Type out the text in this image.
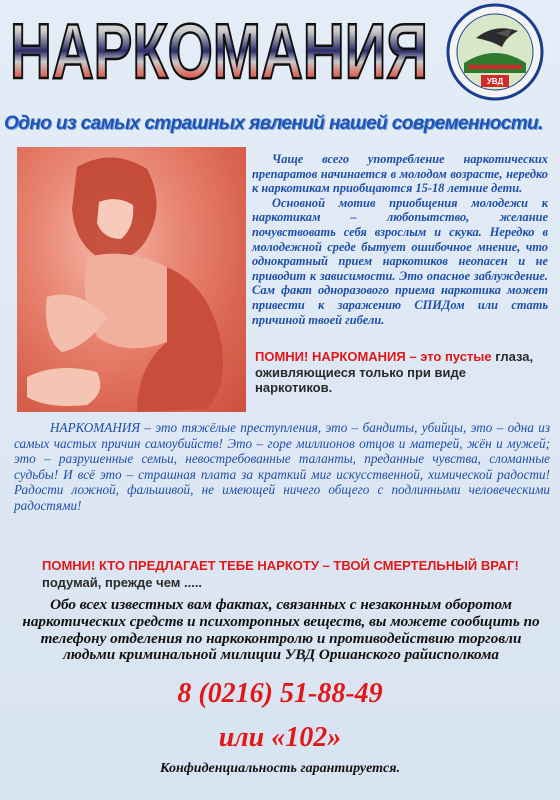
НАРКОМАНИЯ	УВД
Одно из самых страшных явлений нашей современности.

Чаще всего употребление наркотических препаратов начинается в молодом возрасте, нередко к наркотикам приобщаются 15-18 летние дети.

Основной мотив приобщения молодежи к наркотикам – любопытство, желание почувствовать себя взрослым и скука. Нередко в молодежной среде бытует ошибочное мнение, что однократный прием наркотиков неопасен и не приводит к зависимости. Это опасное заблуждение. Сам факт одноразового приема наркотика может привести к заражению СПИДом или стать причиной твоей гибели.

ПОМНИ! НАРКОМАНИЯ – это пустые глаза, оживляющиеся только при виде наркотиков.

НАРКОМАНИЯ – это тяжёлые преступления, это – бандиты, убийцы, это – одна из самых частых причин самоубийств! Это – горе миллионов отцов и матерей, жён и мужей; это – разрушенные семьи, невостребованные таланты, преданные чувства, сломанные судьбы! И всё это – страшная плата за краткий миг искусственной, химической радости! Радости ложной, фальшивой, не имеющей ничего общего с подлинными человеческими радостями!

ПОМНИ! КТО ПРЕДЛАГАЕТ ТЕБЕ НАРКОТУ – ТВОЙ СМЕРТЕЛЬНЫЙ ВРАГ! подумай, прежде чем .....

Обо всех известных вам фактах, связанных с незаконным оборотом наркотических средств и психотропных веществ, вы можете сообщить по телефону отделения по наркоконтролю и противодействию торговли людьми криминальной милиции УВД Оршанского райисполкома

8 (0216) 51-88-49
или «102»
Конфиденциальность гарантируется.
